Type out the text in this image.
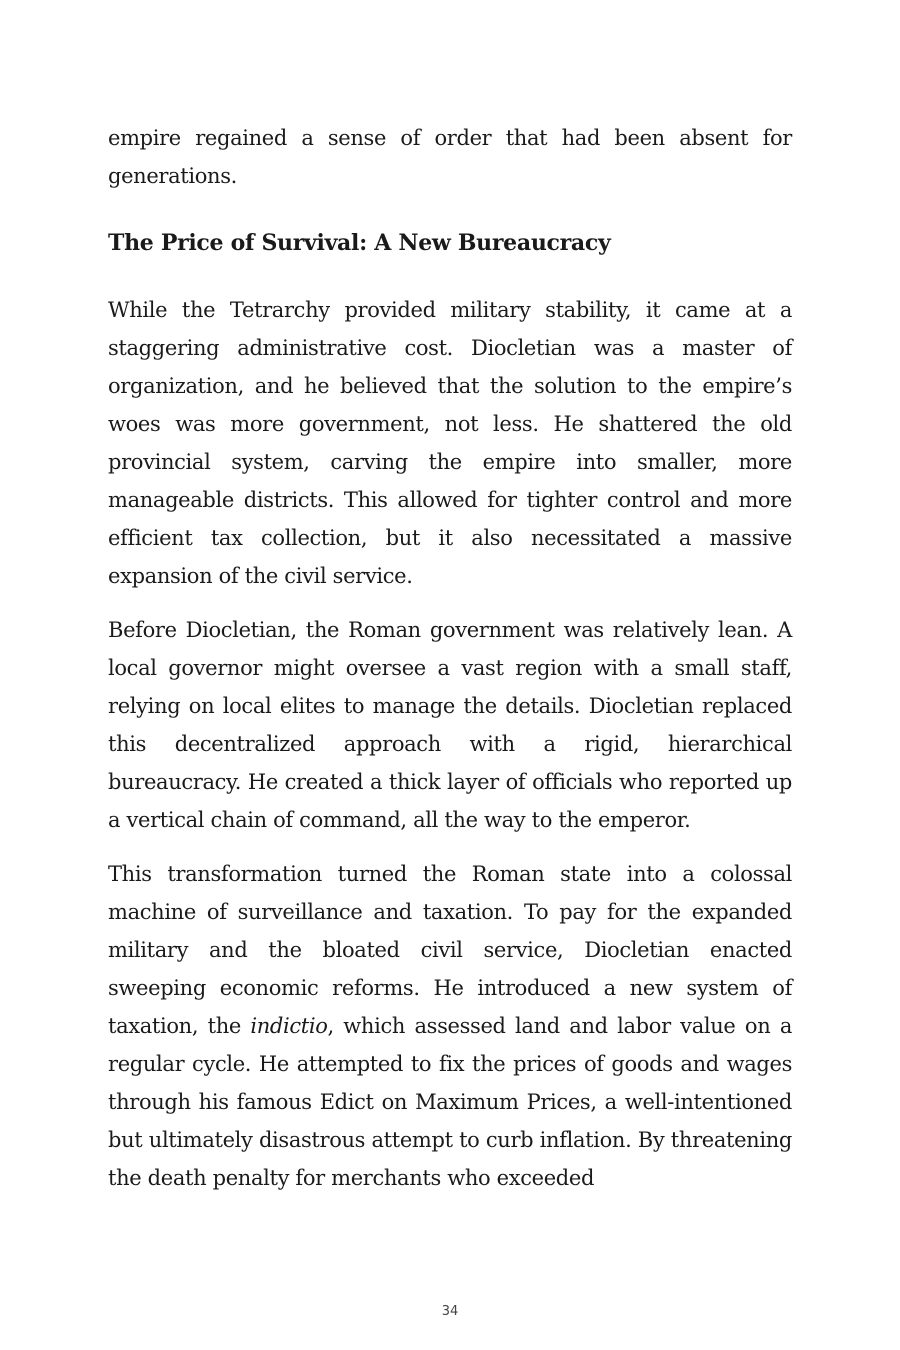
empire regained a sense of order that had been absent for generations.

The Price of Survival: A New Bureaucracy

While the Tetrarchy provided military stability, it came at a staggering administrative cost. Diocletian was a master of organization, and he believed that the solution to the empire’s woes was more government, not less. He shattered the old provincial system, carving the empire into smaller, more manageable districts. This allowed for tighter control and more efficient tax collection, but it also necessitated a massive expansion of the civil service.

Before Diocletian, the Roman government was relatively lean. A local governor might oversee a vast region with a small staff, relying on local elites to manage the details. Diocletian replaced this decentralized approach with a rigid, hierarchical bureaucracy. He created a thick layer of officials who reported up a vertical chain of command, all the way to the emperor.

This transformation turned the Roman state into a colossal machine of surveillance and taxation. To pay for the expanded military and the bloated civil service, Diocletian enacted sweeping economic reforms. He introduced a new system of taxation, the indictio, which assessed land and labor value on a regular cycle. He attempted to fix the prices of goods and wages through his famous Edict on Maximum Prices, a well-intentioned but ultimately disastrous attempt to curb inflation. By threatening the death penalty for merchants who exceeded

34
